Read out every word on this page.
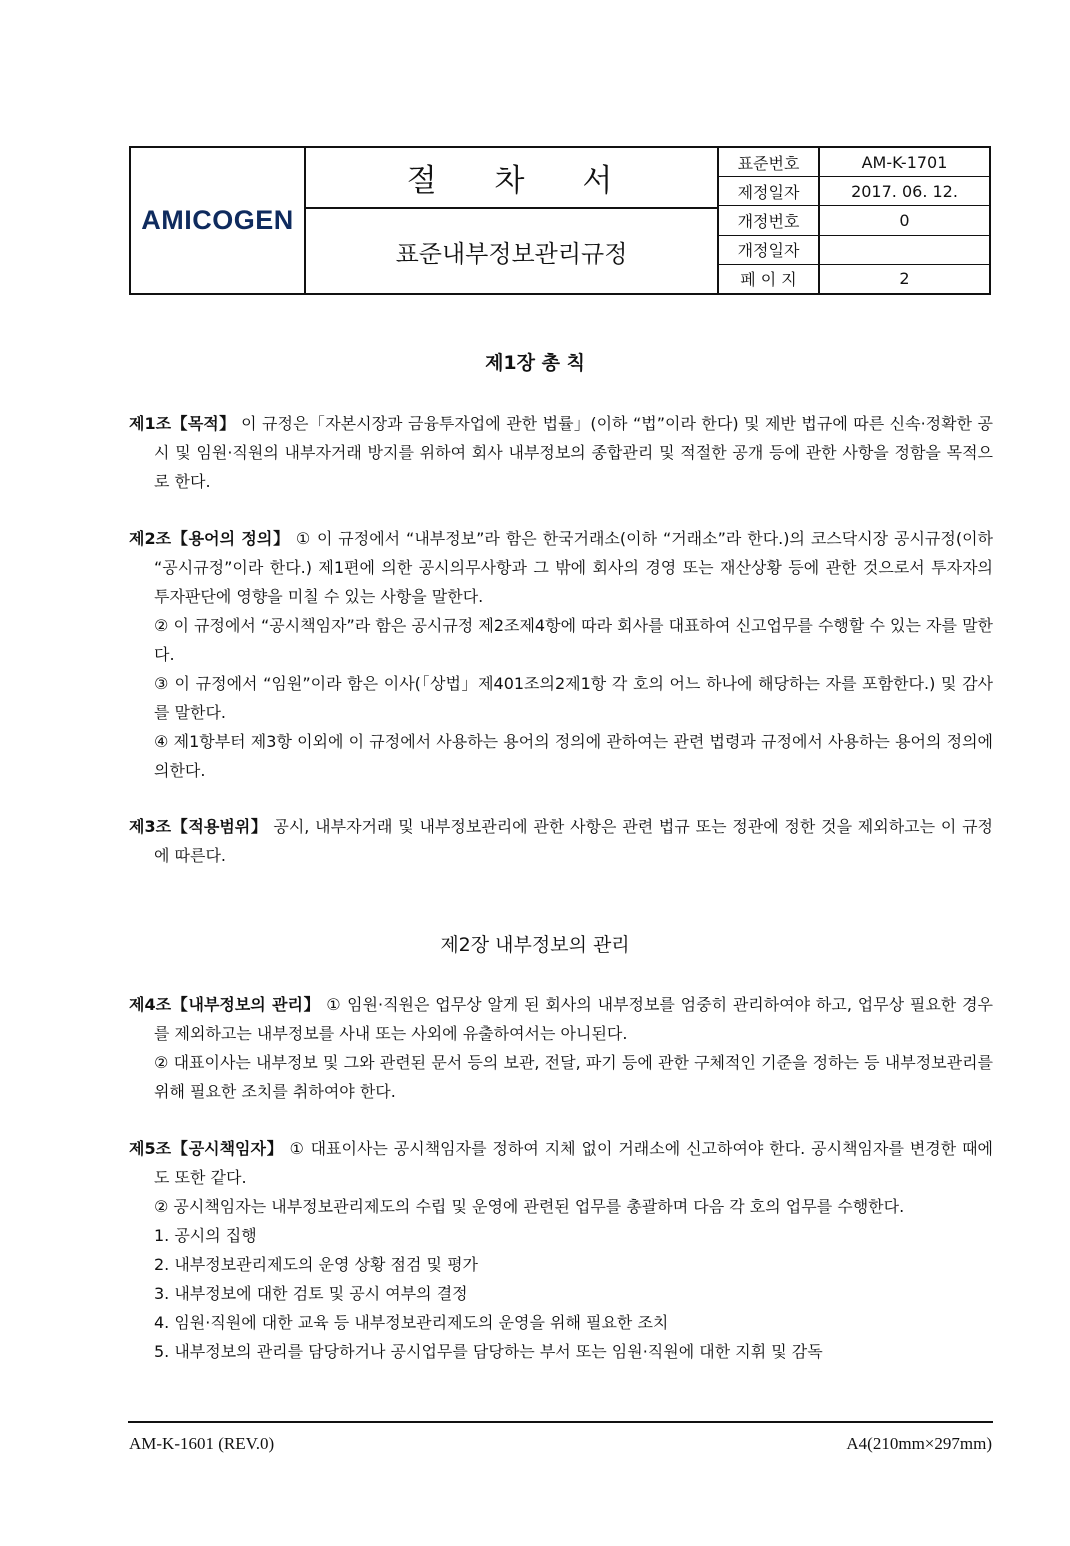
AMICOGEN
절 차 서
표준내부정보관리규정
표준번호	AM-K-1701
제정일자	2017. 06. 12.
개정번호	0
개정일자
페 이 지	2
제1장 총 칙

제1조【목적】 이 규정은「자본시장과 금융투자업에 관한 법률」(이하 “법”이라 한다) 및 제반 법규에 따른 신속·정확한 공시 및 임원·직원의 내부자거래 방지를 위하여 회사 내부정보의 종합관리 및 적절한 공개 등에 관한 사항을 정함을 목적으로 한다.

제2조【용어의 정의】 ① 이 규정에서 “내부정보”라 함은 한국거래소(이하 “거래소”라 한다.)의 코스닥시장 공시규정(이하 “공시규정”이라 한다.) 제1편에 의한 공시의무사항과 그 밖에 회사의 경영 또는 재산상황 등에 관한 것으로서 투자자의 투자판단에 영향을 미칠 수 있는 사항을 말한다.

② 이 규정에서 “공시책임자”라 함은 공시규정 제2조제4항에 따라 회사를 대표하여 신고업무를 수행할 수 있는 자를 말한다.

③ 이 규정에서 “임원”이라 함은 이사(「상법」제401조의2제1항 각 호의 어느 하나에 해당하는 자를 포함한다.) 및 감사를 말한다.

④ 제1항부터 제3항 이외에 이 규정에서 사용하는 용어의 정의에 관하여는 관련 법령과 규정에서 사용하는 용어의 정의에 의한다.

제3조【적용범위】 공시, 내부자거래 및 내부정보관리에 관한 사항은 관련 법규 또는 정관에 정한 것을 제외하고는 이 규정에 따른다.

제2장 내부정보의 관리

제4조【내부정보의 관리】 ① 임원·직원은 업무상 알게 된 회사의 내부정보를 엄중히 관리하여야 하고, 업무상 필요한 경우를 제외하고는 내부정보를 사내 또는 사외에 유출하여서는 아니된다.

② 대표이사는 내부정보 및 그와 관련된 문서 등의 보관, 전달, 파기 등에 관한 구체적인 기준을 정하는 등 내부정보관리를 위해 필요한 조치를 취하여야 한다.

제5조【공시책임자】 ① 대표이사는 공시책임자를 정하여 지체 없이 거래소에 신고하여야 한다. 공시책임자를 변경한 때에도 또한 같다.

② 공시책임자는 내부정보관리제도의 수립 및 운영에 관련된 업무를 총괄하며 다음 각 호의 업무를 수행한다.

1. 공시의 집행

2. 내부정보관리제도의 운영 상황 점검 및 평가

3. 내부정보에 대한 검토 및 공시 여부의 결정

4. 임원·직원에 대한 교육 등 내부정보관리제도의 운영을 위해 필요한 조치

5. 내부정보의 관리를 담당하거나 공시업무를 담당하는 부서 또는 임원·직원에 대한 지휘 및 감독

AM-K-1601 (REV.0)	A4(210mm×297mm)
